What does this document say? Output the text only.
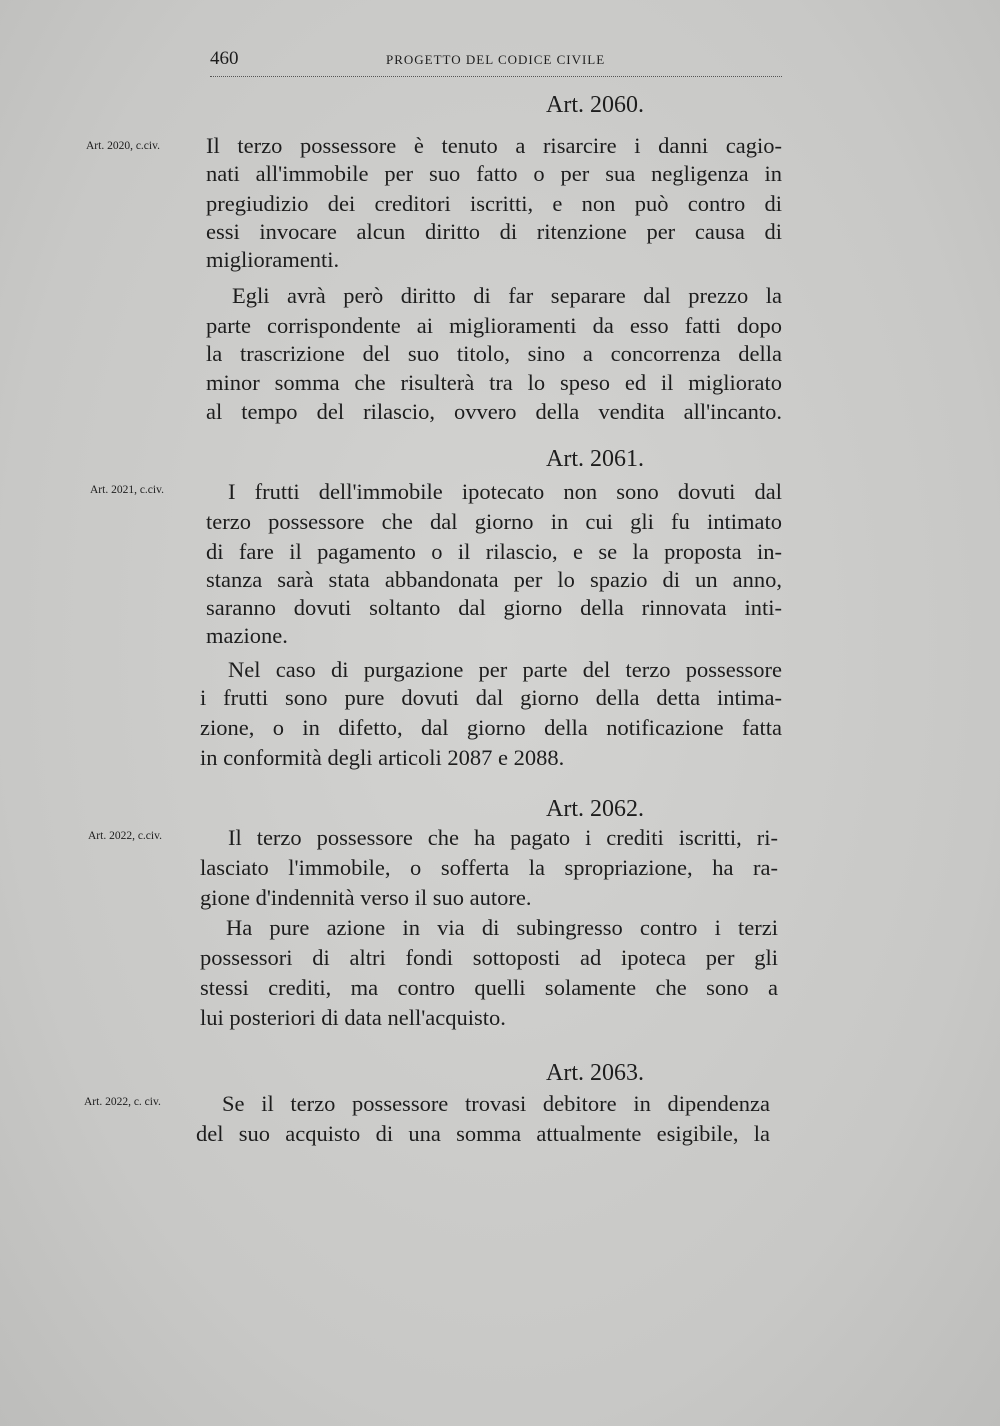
460	PROGETTO DEL CODICE CIVILE
Art. 2060.
Art. 2020, c.civ.	Il terzo possessore è tenuto a risarcire i danni cagio-
nati all'immobile per suo fatto o per sua negligenza in
pregiudizio dei creditori iscritti, e non può contro di
essi invocare alcun diritto di ritenzione per causa di
miglioramenti.
Egli avrà però diritto di far separare dal prezzo la
parte corrispondente ai miglioramenti da esso fatti dopo
la trascrizione del suo titolo, sino a concorrenza della
minor somma che risulterà tra lo speso ed il migliorato
al tempo del rilascio, ovvero della vendita all'incanto.
Art. 2061.
Art. 2021, c.civ.	I frutti dell'immobile ipotecato non sono dovuti dal
terzo possessore che dal giorno in cui gli fu intimato
di fare il pagamento o il rilascio, e se la proposta in-
stanza sarà stata abbandonata per lo spazio di un anno,
saranno dovuti soltanto dal giorno della rinnovata inti-
mazione.
Nel caso di purgazione per parte del terzo possessore
i frutti sono pure dovuti dal giorno della detta intima-
zione, o in difetto, dal giorno della notificazione fatta
in conformità degli articoli 2087 e 2088.
Art. 2062.
Art. 2022, c.civ.	Il terzo possessore che ha pagato i crediti iscritti, ri-
lasciato l'immobile, o sofferta la spropriazione, ha ra-
gione d'indennità verso il suo autore.
Ha pure azione in via di subingresso contro i terzi
possessori di altri fondi sottoposti ad ipoteca per gli
stessi crediti, ma contro quelli solamente che sono a
lui posteriori di data nell'acquisto.
Art. 2063.
Art. 2022, c. civ.	Se il terzo possessore trovasi debitore in dipendenza
del suo acquisto di una somma attualmente esigibile, la
